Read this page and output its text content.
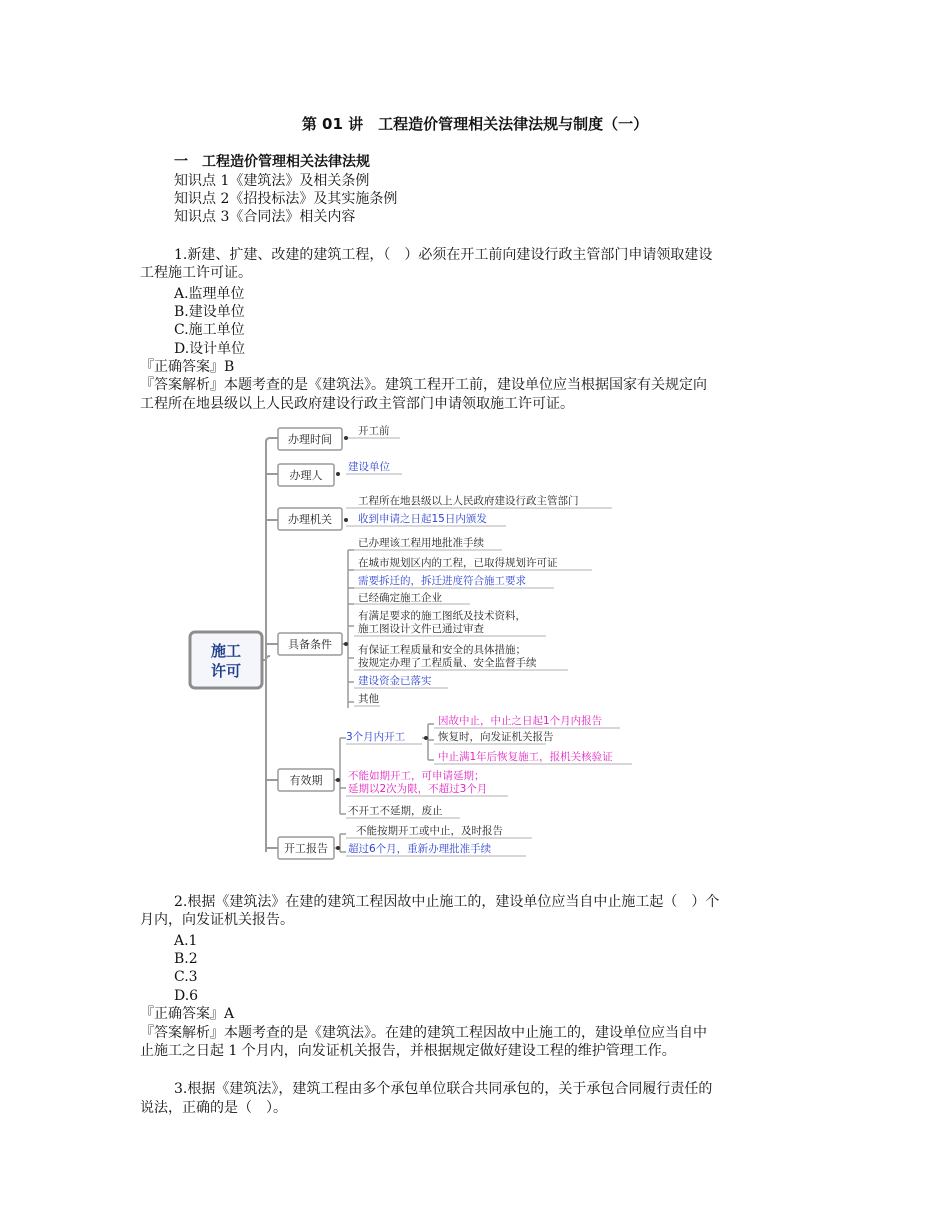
第 01 讲　工程造价管理相关法律法规与制度（一）
一　工程造价管理相关法律法规
知识点 1《建筑法》及相关条例
知识点 2《招投标法》及其实施条例
知识点 3《合同法》相关内容
1.新建、扩建、改建的建筑工程，（　）必须在开工前向建设行政主管部门申请领取建设
工程施工许可证。
A.监理单位
B.建设单位
C.施工单位
D.设计单位
『正确答案』B
『答案解析』本题考查的是《建筑法》。建筑工程开工前，建设单位应当根据国家有关规定向
工程所在地县级以上人民政府建设行政主管部门申请领取施工许可证。
施工
许可
办理时间
办理人
办理机关
具备条件
有效期
开工报告
开工前
建设单位
工程所在地县级以上人民政府建设行政主管部门
收到申请之日起15日内颁发
已办理该工程用地批准手续
在城市规划区内的工程，已取得规划许可证
需要拆迁的，拆迁进度符合施工要求
已经确定施工企业
有满足要求的施工图纸及技术资料，
施工图设计文件已通过审查
有保证工程质量和安全的具体措施；
按规定办理了工程质量、安全监督手续
建设资金已落实
其他
3个月内开工
因故中止，中止之日起1个月内报告
恢复时，向发证机关报告
中止满1年后恢复施工，报机关核验证
不能如期开工，可申请延期；
延期以2次为限，不超过3个月
不开工不延期，废止
不能按期开工或中止，及时报告
超过6个月，重新办理批准手续
2.根据《建筑法》在建的建筑工程因故中止施工的，建设单位应当自中止施工起（　）个
月内，向发证机关报告。
A.1
B.2
C.3
D.6
『正确答案』A
『答案解析』本题考查的是《建筑法》。在建的建筑工程因故中止施工的，建设单位应当自中
止施工之日起 1 个月内，向发证机关报告，并根据规定做好建设工程的维护管理工作。
3.根据《建筑法》，建筑工程由多个承包单位联合共同承包的，关于承包合同履行责任的
说法，正确的是（　）。
